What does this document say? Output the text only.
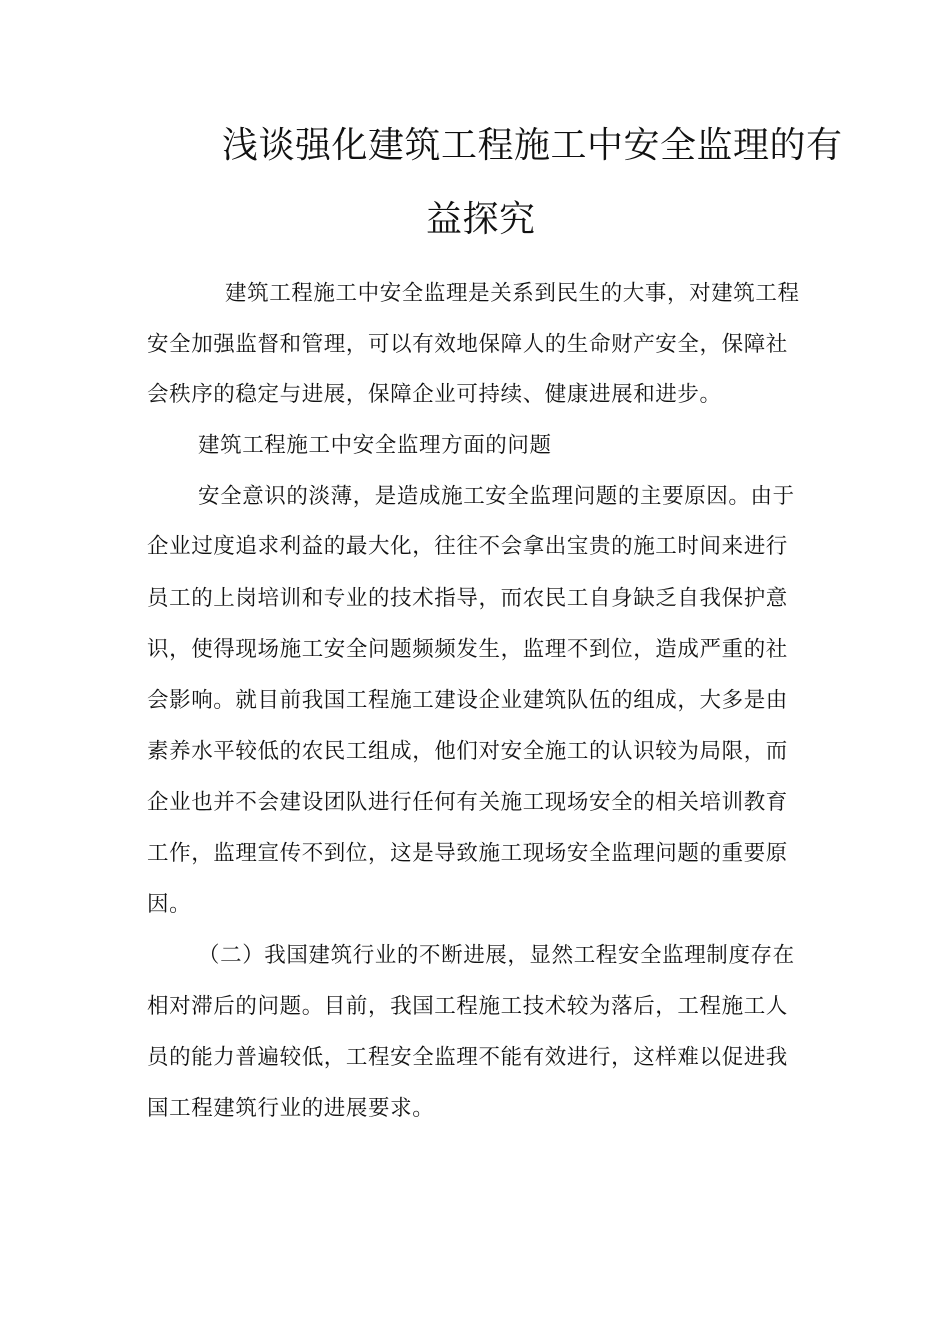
浅谈强化建筑工程施工中安全监理的有
益探究
建筑工程施工中安全监理是关系到民生的大事，对建筑工程
安全加强监督和管理，可以有效地保障人的生命财产安全，保障社
会秩序的稳定与进展，保障企业可持续、健康进展和进步。
建筑工程施工中安全监理方面的问题
安全意识的淡薄，是造成施工安全监理问题的主要原因。由于
企业过度追求利益的最大化，往往不会拿出宝贵的施工时间来进行
员工的上岗培训和专业的技术指导，而农民工自身缺乏自我保护意
识，使得现场施工安全问题频频发生，监理不到位，造成严重的社
会影响。就目前我国工程施工建设企业建筑队伍的组成，大多是由
素养水平较低的农民工组成，他们对安全施工的认识较为局限，而
企业也并不会建设团队进行任何有关施工现场安全的相关培训教育
工作，监理宣传不到位，这是导致施工现场安全监理问题的重要原
因。
（二）我国建筑行业的不断进展，显然工程安全监理制度存在
相对滞后的问题。目前，我国工程施工技术较为落后，工程施工人
员的能力普遍较低，工程安全监理不能有效进行，这样难以促进我
国工程建筑行业的进展要求。
